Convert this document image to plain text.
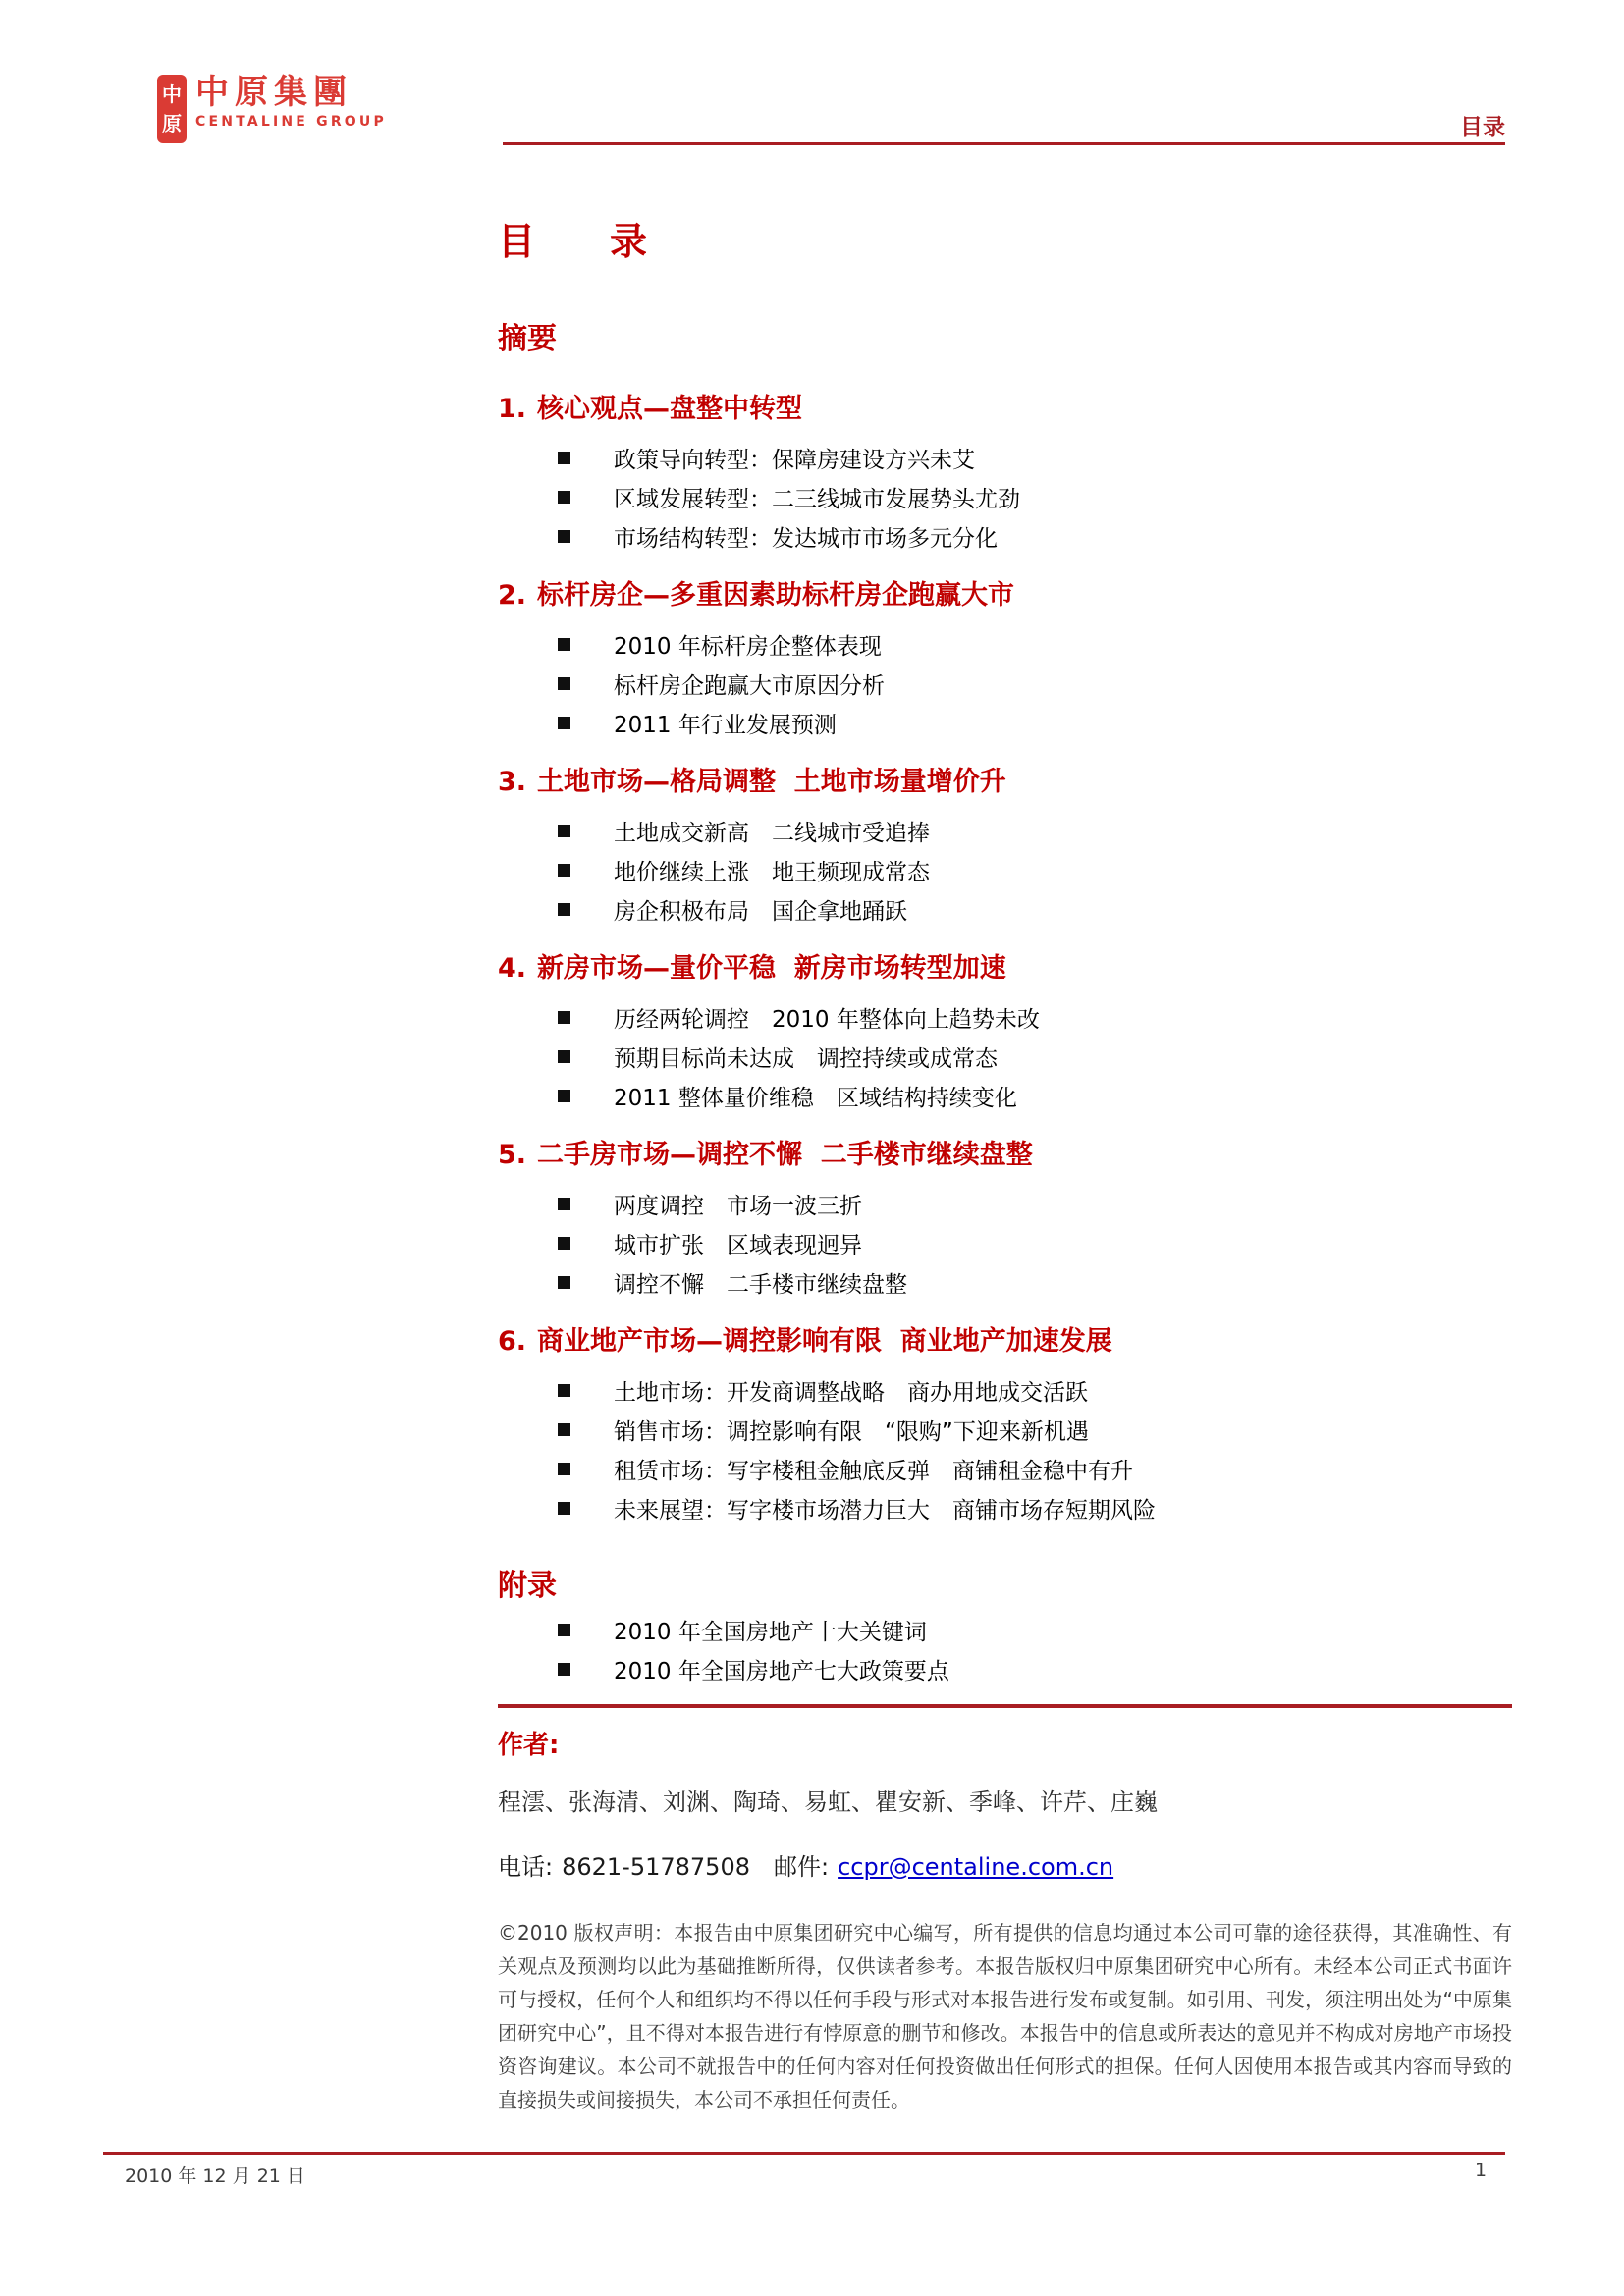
中
原
中原集團
CENTALINE GROUP	目录
目　　录
摘要
1. 核心观点—盘整中转型
政策导向转型：保障房建设方兴未艾
区域发展转型：二三线城市发展势头尤劲
市场结构转型：发达城市市场多元分化
2. 标杆房企—多重因素助标杆房企跑赢大市
2010 年标杆房企整体表现
标杆房企跑赢大市原因分析
2011 年行业发展预测
3. 土地市场—格局调整  土地市场量增价升
土地成交新高　二线城市受追捧
地价继续上涨　地王频现成常态
房企积极布局　国企拿地踊跃
4. 新房市场—量价平稳  新房市场转型加速
历经两轮调控　2010 年整体向上趋势未改
预期目标尚未达成　调控持续或成常态
2011 整体量价维稳　区域结构持续变化
5. 二手房市场—调控不懈  二手楼市继续盘整
两度调控　市场一波三折
城市扩张　区域表现迥异
调控不懈　二手楼市继续盘整
6. 商业地产市场—调控影响有限  商业地产加速发展
土地市场：开发商调整战略　商办用地成交活跃
销售市场：调控影响有限　“限购”下迎来新机遇
租赁市场：写字楼租金触底反弹　商铺租金稳中有升
未来展望：写字楼市场潜力巨大　商铺市场存短期风险
附录
2010 年全国房地产十大关键词
2010 年全国房地产七大政策要点
作者:

程澐、张海清、刘渊、陶琦、易虹、瞿安新、季峰、许芹、庄巍

电话: 8621-51787508 邮件: ccpr@centaline.com.cn

©2010 版权声明：本报告由中原集团研究中心编写，所有提供的信息均通过本公司可靠的途径获得，其准确性、有关观点及预测均以此为基础推断所得，仅供读者参考。本报告版权归中原集团研究中心所有。未经本公司正式书面许可与授权，任何个人和组织均不得以任何手段与形式对本报告进行发布或复制。如引用、刊发，须注明出处为“中原集团研究中心”，且不得对本报告进行有悖原意的删节和修改。本报告中的信息或所表达的意见并不构成对房地产市场投资咨询建议。本公司不就报告中的任何内容对任何投资做出任何形式的担保。任何人因使用本报告或其内容而导致的直接损失或间接损失，本公司不承担任何责任。

2010 年 12 月 21 日	1
